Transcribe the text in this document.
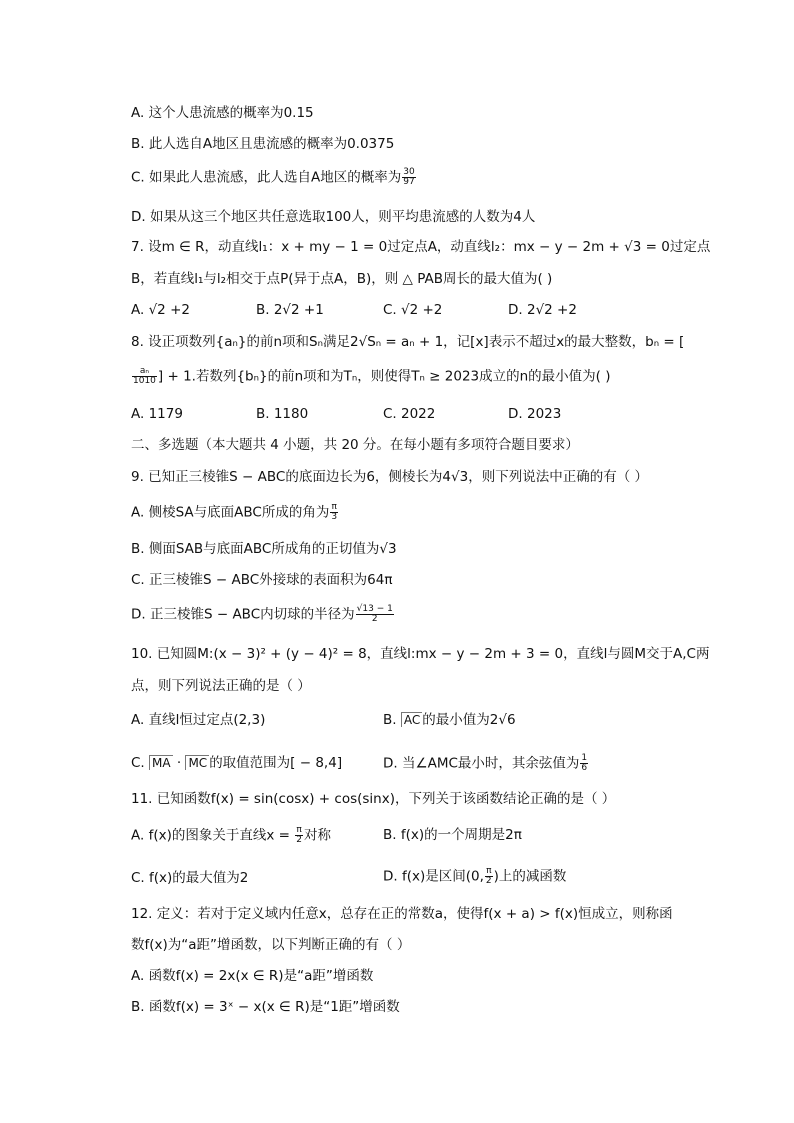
A. 这个人患流感的概率为0.15
B. 此人选自A地区且患流感的概率为0.0375
C. 如果此人患流感，此人选自A地区的概率为 $\frac{30}{97}$
D. 如果从这三个地区共任意选取100人，则平均患流感的人数为4人
7. 设m ∈ R，动直线l₁：x + my − 1 = 0过定点A，动直线l₂：mx − y − 2m + √3 = 0过定点
B，若直线l₁与l₂相交于点P(异于点A，B)，则 △ PAB周长的最大值为( )
A. √2 +2	B. 2√2 +1	C. √2 +2	D. 2√2 +2
8. 设正项数列{aₙ}的前n项和Sₙ满足2√Sₙ = aₙ + 1，记[x]表示不超过x的最大整数，bₙ = [
$\frac{\text{aₙ}}{1010}$ ] + 1.若数列{bₙ}的前n项和为Tₙ，则使得Tₙ ≥ 2023成立的n的最小值为( )
A. 1179	B. 1180	C. 2022	D. 2023
二、多选题（本大题共 4 小题，共 20 分。在每小题有多项符合题目要求）
9. 已知正三棱锥S − ABC的底面边长为6，侧棱长为4√3，则下列说法中正确的有（ ）
A. 侧棱SA与底面ABC所成的角为 $\frac{\pi}{3}$
B. 侧面SAB与底面ABC所成角的正切值为√3
C. 正三棱锥S − ABC外接球的表面积为64π
D. 正三棱锥S − ABC内切球的半径为 $\frac{√13 - 1}{2}$
10. 已知圆M:(x − 3)² + (y − 4)² = 8，直线l:mx − y − 2m + 3 = 0，直线l与圆M交于A,C两
点，则下列说法正确的是（ ）
A. 直线l恒过定点(2,3)	B. AC 的最小值为2√6
C. MA · MC 的取值范围为[ − 8,4]	D. 当∠AMC最小时，其余弦值为 $\frac{1}{6}$
11. 已知函数f(x) = sin(cosx) + cos(sinx)，下列关于该函数结论正确的是（ ）
A. f(x)的图象关于直线$x = \frac{\pi}{2}$ 对称	B. f(x)的一个周期是2π
C. f(x)的最大值为2	D. f(x)是区间(0, $\frac{\pi}{2}$ )上的减函数
12. 定义：若对于定义域内任意x，总存在正的常数a，使得f(x + a) > f(x)恒成立，则称函
数f(x)为“a距”增函数，以下判断正确的有（ ）
A. 函数f(x) = 2x(x ∈ R)是“a距”增函数
B. 函数f(x) = 3ˣ − x(x ∈ R)是“1距”增函数
